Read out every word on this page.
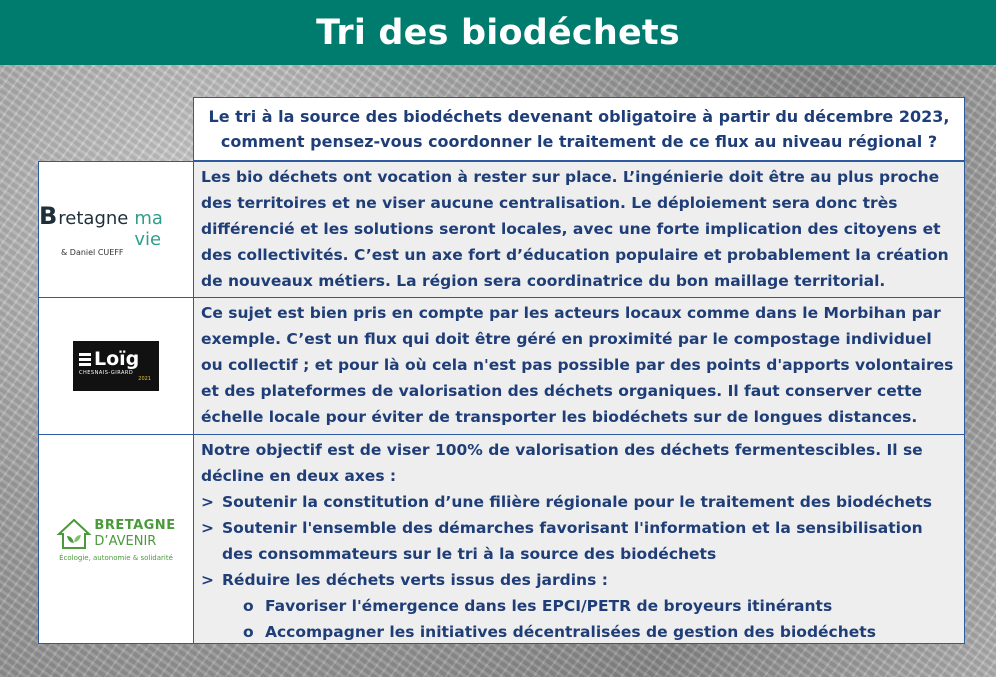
Tri des biodéchets
Le tri à la source des biodéchets devenant obligatoire à partir du décembre 2023,
comment pensez-vous coordonner le traitement de ce flux au niveau régional ?
B retagne ma vie
& Daniel CUEFF

Les bio déchets ont vocation à rester sur place. L’ingénierie doit être au plus proche des territoires et ne viser aucune centralisation. Le déploiement sera donc très différencié et les solutions seront locales, avec une forte implication des citoyens et des collectivités. C’est un axe fort d’éducation populaire et probablement la création de nouveaux métiers. La région sera coordinatrice du bon maillage territorial.

Loïg
CHESNAIS-GIRARD
2021

Ce sujet est bien pris en compte par les acteurs locaux comme dans le Morbihan par exemple. C’est un flux qui doit être géré en proximité par le compostage individuel ou collectif ; et pour là où cela n'est pas possible par des points d'apports volontaires et des plateformes de valorisation des déchets organiques. Il faut conserver cette échelle locale pour éviter de transporter les biodéchets sur de longues distances.

BRETAGNE
D’AVENIR
Écologie, autonomie & solidarité

Notre objectif est de viser 100% de valorisation des déchets fermentescibles. Il se décline en deux axes :

> Soutenir la constitution d’une filière régionale pour le traitement des biodéchets

> Soutenir l'ensemble des démarches favorisant l'information et la sensibilisation des consommateurs sur le tri à la source des biodéchets

> Réduire les déchets verts issus des jardins :

o Favoriser l'émergence dans les EPCI/PETR de broyeurs itinérants

o Accompagner les initiatives décentralisées de gestion des biodéchets
